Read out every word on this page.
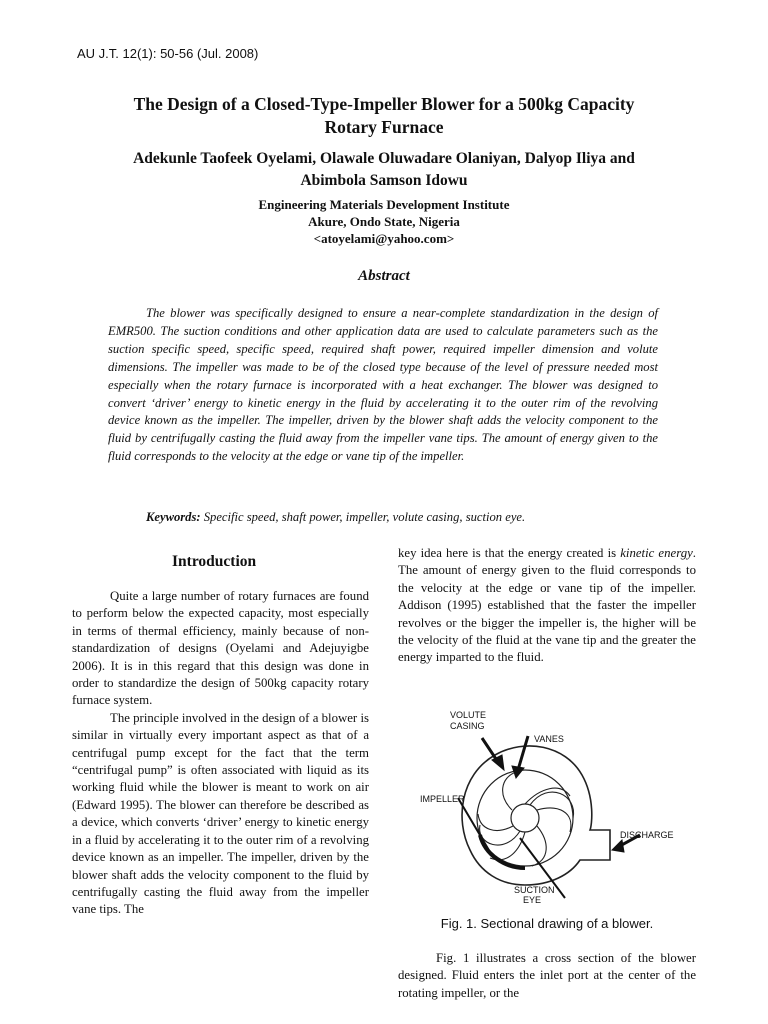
AU J.T. 12(1): 50-56 (Jul. 2008)
The Design of a Closed-Type-Impeller Blower for a 500kg Capacity
Rotary Furnace
Adekunle Taofeek Oyelami, Olawale Oluwadare Olaniyan, Dalyop Iliya and
Abimbola Samson Idowu
Engineering Materials Development Institute
Akure, Ondo State, Nigeria
<atoyelami@yahoo.com>
Abstract

The blower was specifically designed to ensure a near-complete standardization in the design of EMR500. The suction conditions and other application data are used to calculate parameters such as the suction specific speed, specific speed, required shaft power, required impeller dimension and volute dimensions. The impeller was made to be of the closed type because of the level of pressure needed most especially when the rotary furnace is incorporated with a heat exchanger. The blower was designed to convert ‘driver’ energy to kinetic energy in the fluid by accelerating it to the outer rim of the revolving device known as the impeller. The impeller, driven by the blower shaft adds the velocity component to the fluid by centrifugally casting the fluid away from the impeller vane tips. The amount of energy given to the fluid corresponds to the velocity at the edge or vane tip of the impeller.

Keywords: Specific speed, shaft power, impeller, volute casing, suction eye.
Introduction

Quite a large number of rotary furnaces are found to perform below the expected capacity, most especially in terms of thermal efficiency, mainly because of non-standardization of designs (Oyelami and Adejuyigbe 2006). It is in this regard that this design was done in order to standardize the design of 500kg capacity rotary furnace system.

The principle involved in the design of a blower is similar in virtually every important aspect as that of a centrifugal pump except for the fact that the term “centrifugal pump” is often associated with liquid as its working fluid while the blower is meant to work on air (Edward 1995). The blower can therefore be described as a device, which converts ‘driver’ energy to kinetic energy in a fluid by accelerating it to the outer rim of a revolving device known as an impeller. The impeller, driven by the blower shaft adds the velocity component to the fluid by centrifugally casting the fluid away from the impeller vane tips. The

key idea here is that the energy created is kinetic energy. The amount of energy given to the fluid corresponds to the velocity at the edge or vane tip of the impeller. Addison (1995) established that the faster the impeller revolves or the bigger the impeller is, the higher will be the velocity of the fluid at the vane tip and the greater the energy imparted to the fluid.
VOLUTE
CASING
VANES
IMPELLER
DISCHARGE
SUCTION
EYE
Fig. 1. Sectional drawing of a blower.

Fig. 1 illustrates a cross section of the blower designed. Fluid enters the inlet port at the center of the rotating impeller, or the
